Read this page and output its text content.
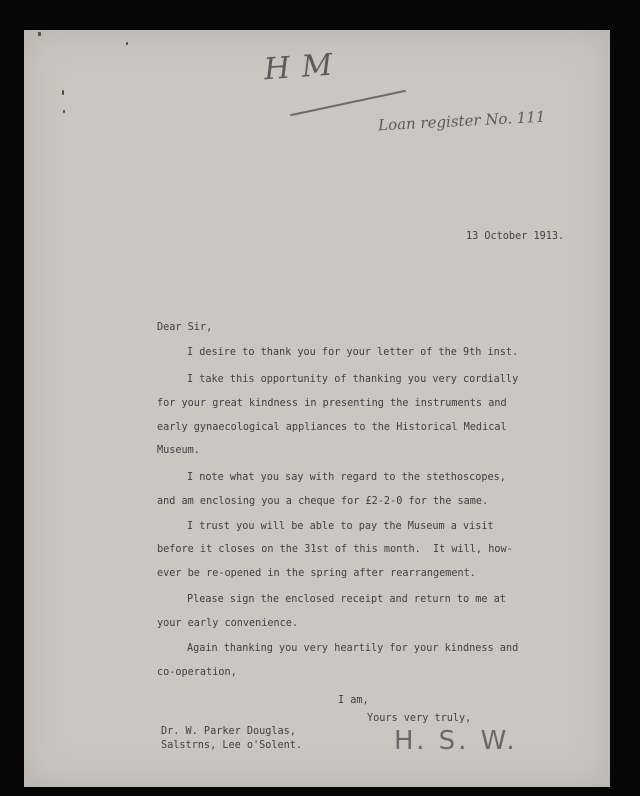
H M
Loan register No. 111
13 October 1913.
Dear Sir,
I desire to thank you for your letter of the 9th inst.
I take this opportunity of thanking you very cordially
for your great kindness in presenting the instruments and
early gynaecological appliances to the Historical Medical
Museum.
I note what you say with regard to the stethoscopes,
and am enclosing you a cheque for £2-2-0 for the same.
I trust you will be able to pay the Museum a visit
before it closes on the 31st of this month.  It will, how-
ever be re-opened in the spring after rearrangement.
Please sign the enclosed receipt and return to me at
your early convenience.
Again thanking you very heartily for your kindness and
co-operation,
I am,
Yours very truly,
Dr. W. Parker Douglas,
Salstrns, Lee o'Solent.	H. S. W.
